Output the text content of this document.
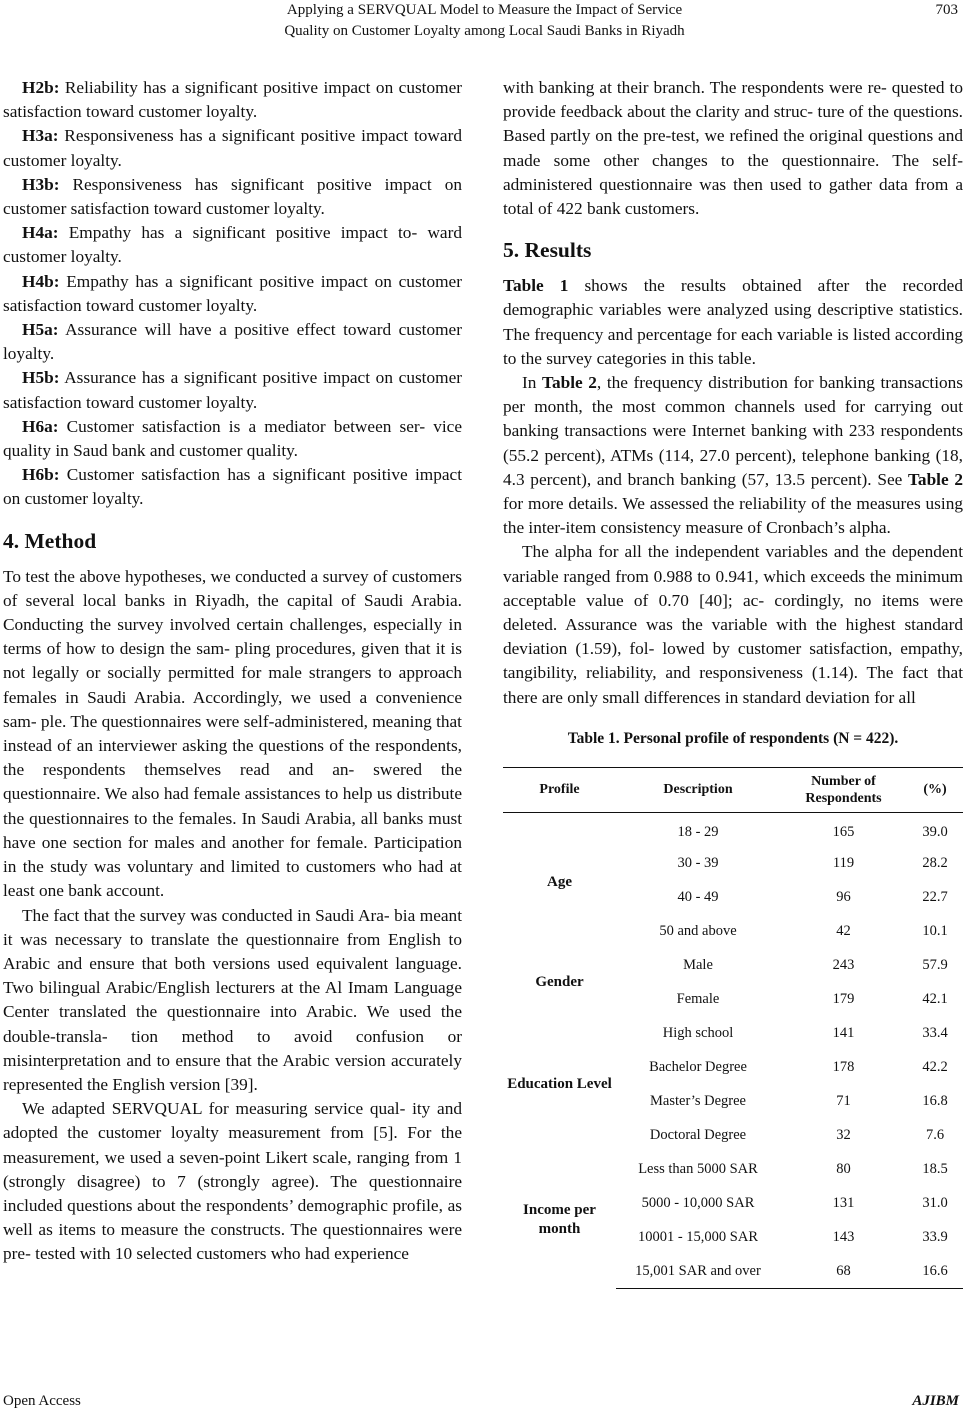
Applying a SERVQUAL Model to Measure the Impact of Service
Quality on Customer Loyalty among Local Saudi Banks in Riyadh
703

H2b: Reliability has a significant positive impact on customer satisfaction toward customer loyalty.

H3a: Responsiveness has a significant positive impact toward customer loyalty.

H3b: Responsiveness has significant positive impact on customer satisfaction toward customer loyalty.

H4a: Empathy has a significant positive impact to- ward customer loyalty.

H4b: Empathy has a significant positive impact on customer satisfaction toward customer loyalty.

H5a: Assurance will have a positive effect toward customer loyalty.

H5b: Assurance has a significant positive impact on customer satisfaction toward customer loyalty.

H6a: Customer satisfaction is a mediator between ser- vice quality in Saud bank and customer quality.

H6b: Customer satisfaction has a significant positive impact on customer loyalty.

4. Method

To test the above hypotheses, we conducted a survey of customers of several local banks in Riyadh, the capital of Saudi Arabia. Conducting the survey involved certain challenges, especially in terms of how to design the sam- pling procedures, given that it is not legally or socially permitted for male strangers to approach females in Saudi Arabia. Accordingly, we used a convenience sam- ple. The questionnaires were self-administered, meaning that instead of an interviewer asking the questions of the respondents, the respondents themselves read and an- swered the questionnaire. We also had female assistances to help us distribute the questionnaires to the females. In Saudi Arabia, all banks must have one section for males and another for female. Participation in the study was voluntary and limited to customers who had at least one bank account.

The fact that the survey was conducted in Saudi Ara- bia meant it was necessary to translate the questionnaire from English to Arabic and ensure that both versions used equivalent language. Two bilingual Arabic/English lecturers at the Al Imam Language Center translated the questionnaire into Arabic. We used the double-transla- tion method to avoid confusion or misinterpretation and to ensure that the Arabic version accurately represented the English version [39].

We adapted SERVQUAL for measuring service qual- ity and adopted the customer loyalty measurement from [5]. For the measurement, we used a seven-point Likert scale, ranging from 1 (strongly disagree) to 7 (strongly agree). The questionnaire included questions about the respondents’ demographic profile, as well as items to measure the constructs. The questionnaires were pre- tested with 10 selected customers who had experience

with banking at their branch. The respondents were re- quested to provide feedback about the clarity and struc- ture of the questions. Based partly on the pre-test, we refined the original questions and made some other changes to the questionnaire. The self-administered questionnaire was then used to gather data from a total of 422 bank customers.

5. Results

Table 1 shows the results obtained after the recorded demographic variables were analyzed using descriptive statistics. The frequency and percentage for each variable is listed according to the survey categories in this table.

In Table 2, the frequency distribution for banking transactions per month, the most common channels used for carrying out banking transactions were Internet banking with 233 respondents (55.2 percent), ATMs (114, 27.0 percent), telephone banking (18, 4.3 percent), and branch banking (57, 13.5 percent). See Table 2 for more details. We assessed the reliability of the measures using the inter-item consistency measure of Cronbach’s alpha.

The alpha for all the independent variables and the dependent variable ranged from 0.988 to 0.941, which exceeds the minimum acceptable value of 0.70 [40]; ac- cordingly, no items were deleted. Assurance was the variable with the highest standard deviation (1.59), fol- lowed by customer satisfaction, empathy, tangibility, reliability, and responsiveness (1.14). The fact that there are only small differences in standard deviation for all

Table 1. Personal profile of respondents (N = 422).
Profile	Description	Number of Respondents	(%)
Age	18 - 29	165	39.0
	30 - 39	119	28.2
	40 - 49	96	22.7
	50 and above	42	10.1
Gender	Male	243	57.9
	Female	179	42.1
Education Level	High school	141	33.4
	Bachelor Degree	178	42.2
	Master’s Degree	71	16.8
	Doctoral Degree	32	7.6
Income per month	Less than 5000 SAR	80	18.5
	5000 - 10,000 SAR	131	31.0
	10001 - 15,000 SAR	143	33.9
	15,001 SAR and over	68	16.6
Open Access	AJIBM
